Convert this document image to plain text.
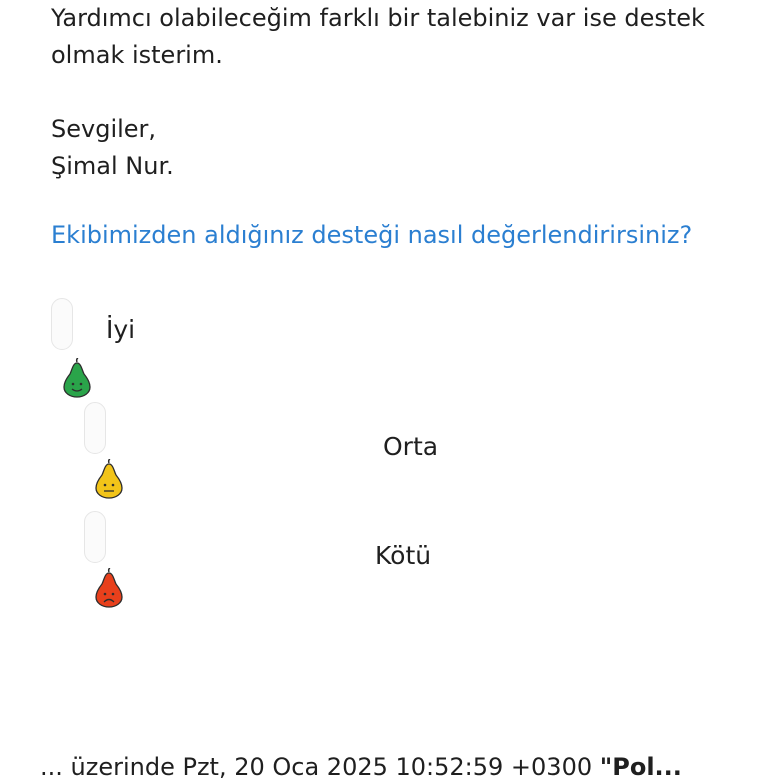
Yardımcı olabileceğim farklı bir talebiniz var ise destek

olmak isterim.

Sevgiler,

Şimal Nur.

Ekibimizden aldığınız desteği nasıl değerlendirirsiniz?

İyi
Orta
Kötü
... üzerinde Pzt, 20 Oca 2025 10:52:59 +0300 "Pol...
